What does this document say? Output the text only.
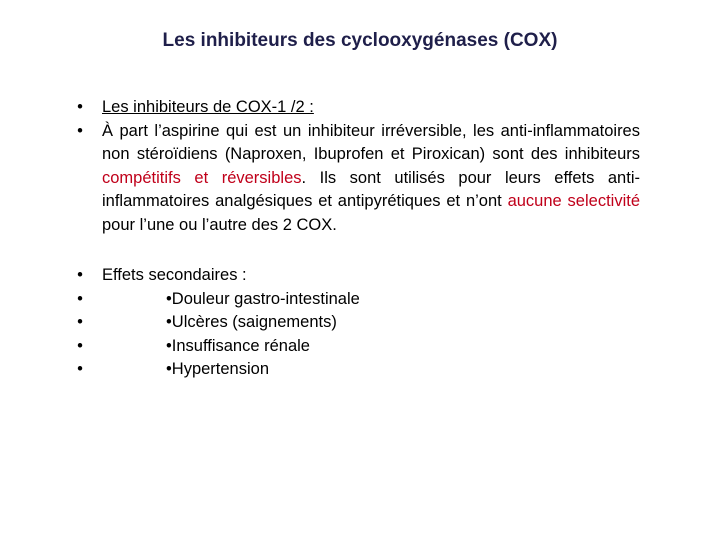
Les inhibiteurs des cyclooxygénases (COX)
•	Les inhibiteurs de COX-1 /2 :
•	À part l’aspirine qui est un inhibiteur irréversible, les anti-inflammatoires non stéroïdiens (Naproxen, Ibuprofen et Piroxican) sont des inhibiteurs compétitifs et réversibles. Ils sont utilisés pour leurs effets anti-inflammatoires analgésiques et antipyrétiques et n’ont aucune selectivité pour l’une ou l’autre des 2 COX.
•	Effets secondaires :
•	•Douleur gastro-intestinale
•	•Ulcères (saignements)
•	•Insuffisance rénale
•	•Hypertension
